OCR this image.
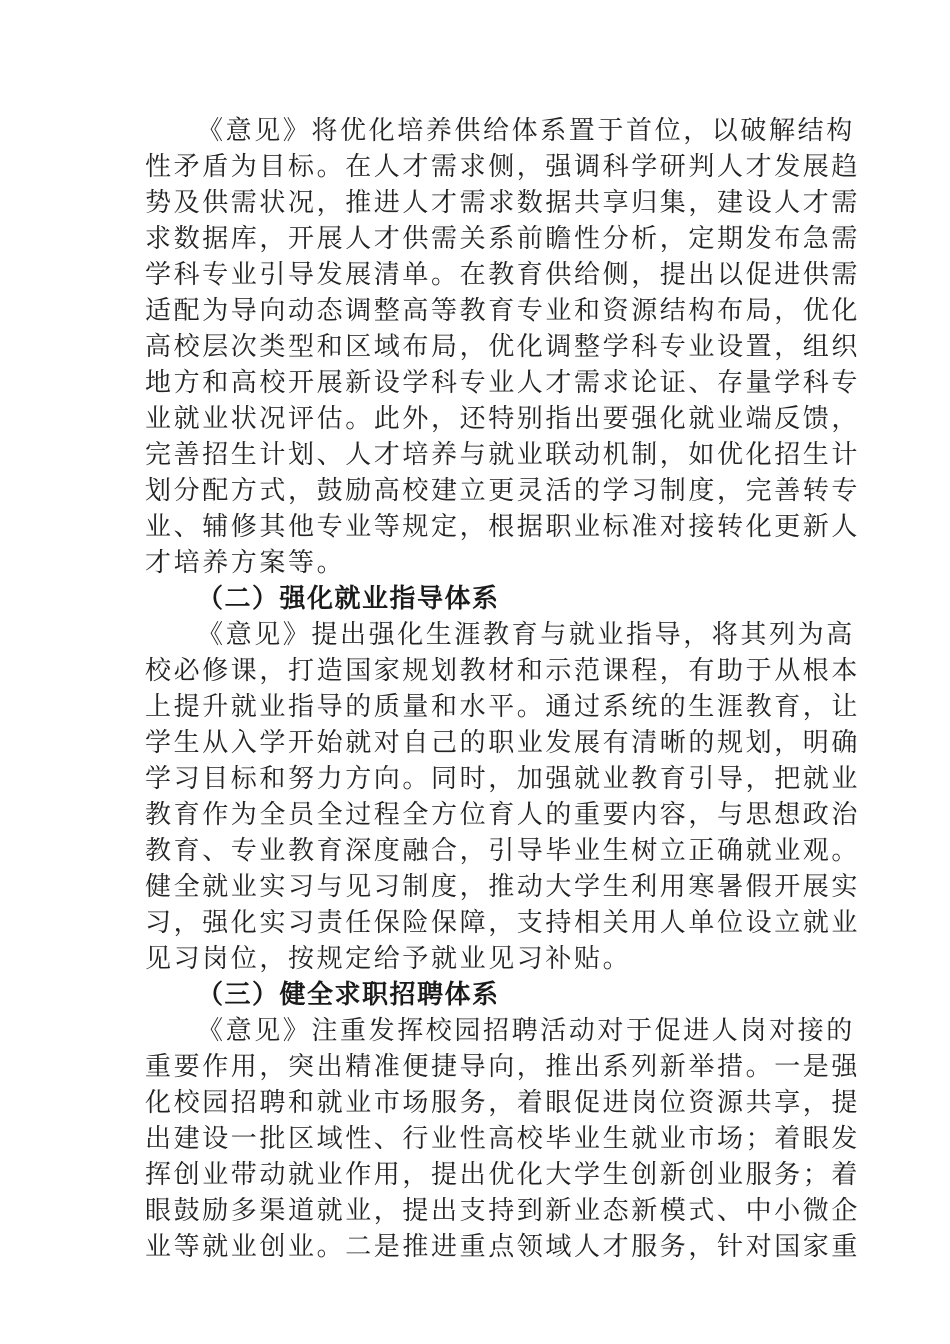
《意见》将优化培养供给体系置于首位，以破解结构
性矛盾为目标。在人才需求侧，强调科学研判人才发展趋
势及供需状况，推进人才需求数据共享归集，建设人才需
求数据库，开展人才供需关系前瞻性分析，定期发布急需
学科专业引导发展清单。在教育供给侧，提出以促进供需
适配为导向动态调整高等教育专业和资源结构布局，优化
高校层次类型和区域布局，优化调整学科专业设置，组织
地方和高校开展新设学科专业人才需求论证、存量学科专
业就业状况评估。此外，还特别指出要强化就业端反馈，
完善招生计划、人才培养与就业联动机制，如优化招生计
划分配方式，鼓励高校建立更灵活的学习制度，完善转专
业、辅修其他专业等规定，根据职业标准对接转化更新人
才培养方案等。
（二）强化就业指导体系
《意见》提出强化生涯教育与就业指导，将其列为高
校必修课，打造国家规划教材和示范课程，有助于从根本
上提升就业指导的质量和水平。通过系统的生涯教育，让
学生从入学开始就对自己的职业发展有清晰的规划，明确
学习目标和努力方向。同时，加强就业教育引导，把就业
教育作为全员全过程全方位育人的重要内容，与思想政治
教育、专业教育深度融合，引导毕业生树立正确就业观。
健全就业实习与见习制度，推动大学生利用寒暑假开展实
习，强化实习责任保险保障，支持相关用人单位设立就业
见习岗位，按规定给予就业见习补贴。
（三）健全求职招聘体系
《意见》注重发挥校园招聘活动对于促进人岗对接的
重要作用，突出精准便捷导向，推出系列新举措。一是强
化校园招聘和就业市场服务，着眼促进岗位资源共享，提
出建设一批区域性、行业性高校毕业生就业市场；着眼发
挥创业带动就业作用，提出优化大学生创新创业服务；着
眼鼓励多渠道就业，提出支持到新业态新模式、中小微企
业等就业创业。二是推进重点领域人才服务，针对国家重
